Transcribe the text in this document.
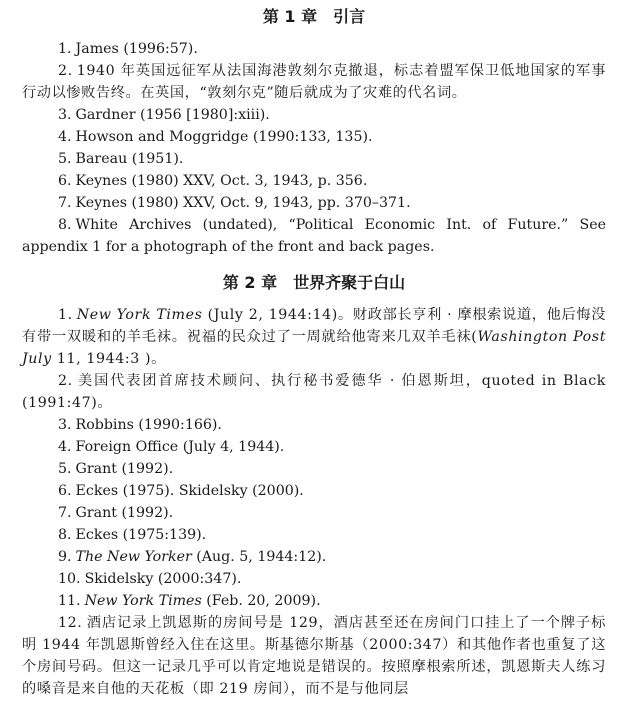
第 1 章　引言

1. James (1996:57).

2. 1940 年英国远征军从法国海港敦刻尔克撤退，标志着盟军保卫低地国家的军事行动以惨败告终。在英国，“敦刻尔克”随后就成为了灾难的代名词。

3. Gardner (1956 [1980]:xiii).

4. Howson and Moggridge (1990:133, 135).

5. Bareau (1951).

6. Keynes (1980) XXV, Oct. 3, 1943, p. 356.

7. Keynes (1980) XXV, Oct. 9, 1943, pp. 370–371.

8. White Archives (undated), “Political Economic Int. of Future.” See appendix 1 for a photograph of the front and back pages.

第 2 章　世界齐聚于白山

1. New York Times (July 2, 1944:14)。财政部长亨利 · 摩根索说道，他后悔没有带一双暖和的羊毛袜。祝福的民众过了一周就给他寄来几双羊毛袜(Washington Post July 11, 1944:3 )。

2. 美国代表团首席技术顾问、执行秘书爱德华 · 伯恩斯坦，quoted in Black (1991:47)。

3. Robbins (1990:166).

4. Foreign Office (July 4, 1944).

5. Grant (1992).

6. Eckes (1975). Skidelsky (2000).

7. Grant (1992).

8. Eckes (1975:139).

9. The New Yorker (Aug. 5, 1944:12).

10. Skidelsky (2000:347).

11. New York Times (Feb. 20, 2009).

12. 酒店记录上凯恩斯的房间号是 129，酒店甚至还在房间门口挂上了一个牌子标明 1944 年凯恩斯曾经入住在这里。斯基德尔斯基（2000:347）和其他作者也重复了这个房间号码。但这一记录几乎可以肯定地说是错误的。按照摩根索所述，凯恩斯夫人练习的嗓音是来自他的天花板（即 219 房间），而不是与他同层
